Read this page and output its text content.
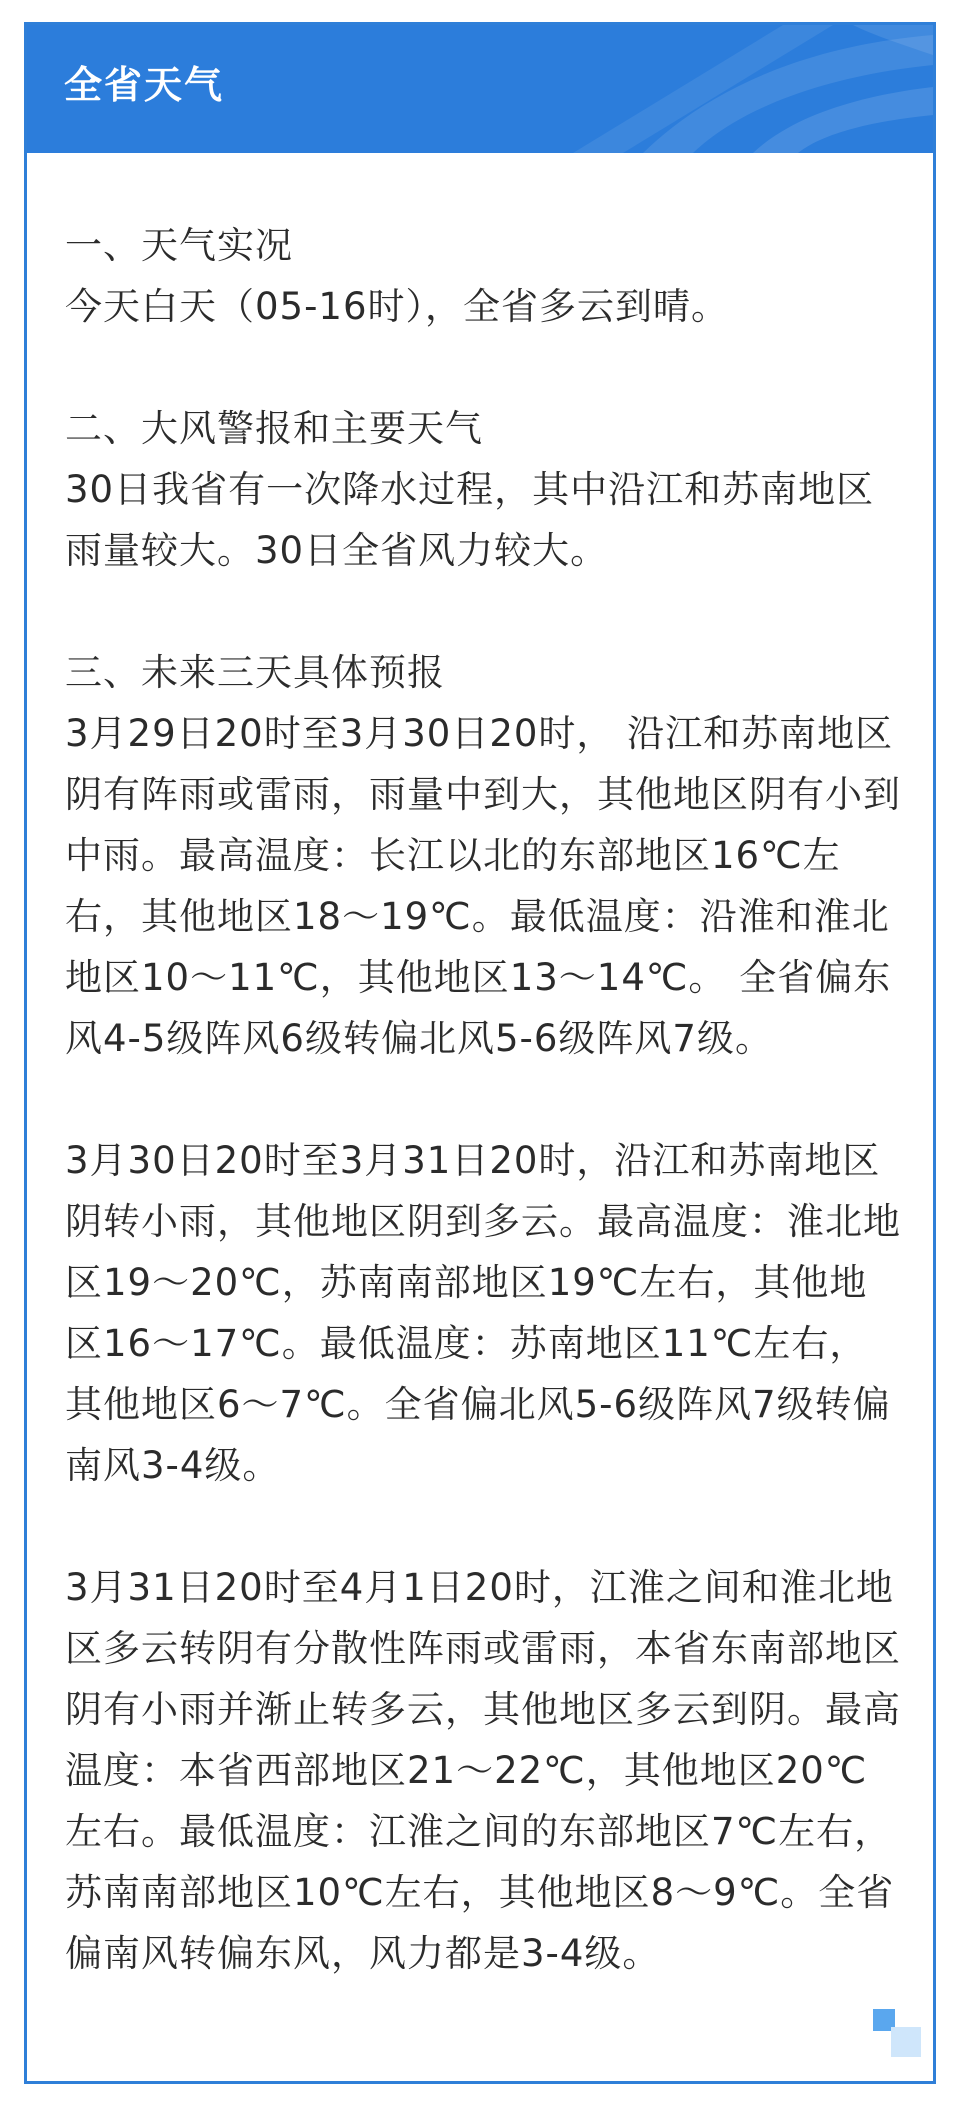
全省天气

一、天气实况

今天白天（05-16时），全省多云到晴。

二、大风警报和主要天气

30日我省有一次降水过程，其中沿江和苏南地区雨量较大。30日全省风力较大。

三、未来三天具体预报

3月29日20时至3月30日20时， 沿江和苏南地区阴有阵雨或雷雨，雨量中到大，其他地区阴有小到中雨。最高温度：长江以北的东部地区16℃左右，其他地区18～19℃。最低温度：沿淮和淮北地区10～11℃，其他地区13～14℃。 全省偏东风4-5级阵风6级转偏北风5-6级阵风7级。

3月30日20时至3月31日20时，沿江和苏南地区阴转小雨，其他地区阴到多云。最高温度：淮北地区19～20℃，苏南南部地区19℃左右，其他地区16～17℃。最低温度：苏南地区11℃左右，其他地区6～7℃。全省偏北风5-6级阵风7级转偏南风3-4级。

3月31日20时至4月1日20时，江淮之间和淮北地区多云转阴有分散性阵雨或雷雨，本省东南部地区阴有小雨并渐止转多云，其他地区多云到阴。最高温度：本省西部地区21～22℃，其他地区20℃左右。最低温度：江淮之间的东部地区7℃左右，苏南南部地区10℃左右，其他地区8～9℃。全省偏南风转偏东风，风力都是3-4级。
